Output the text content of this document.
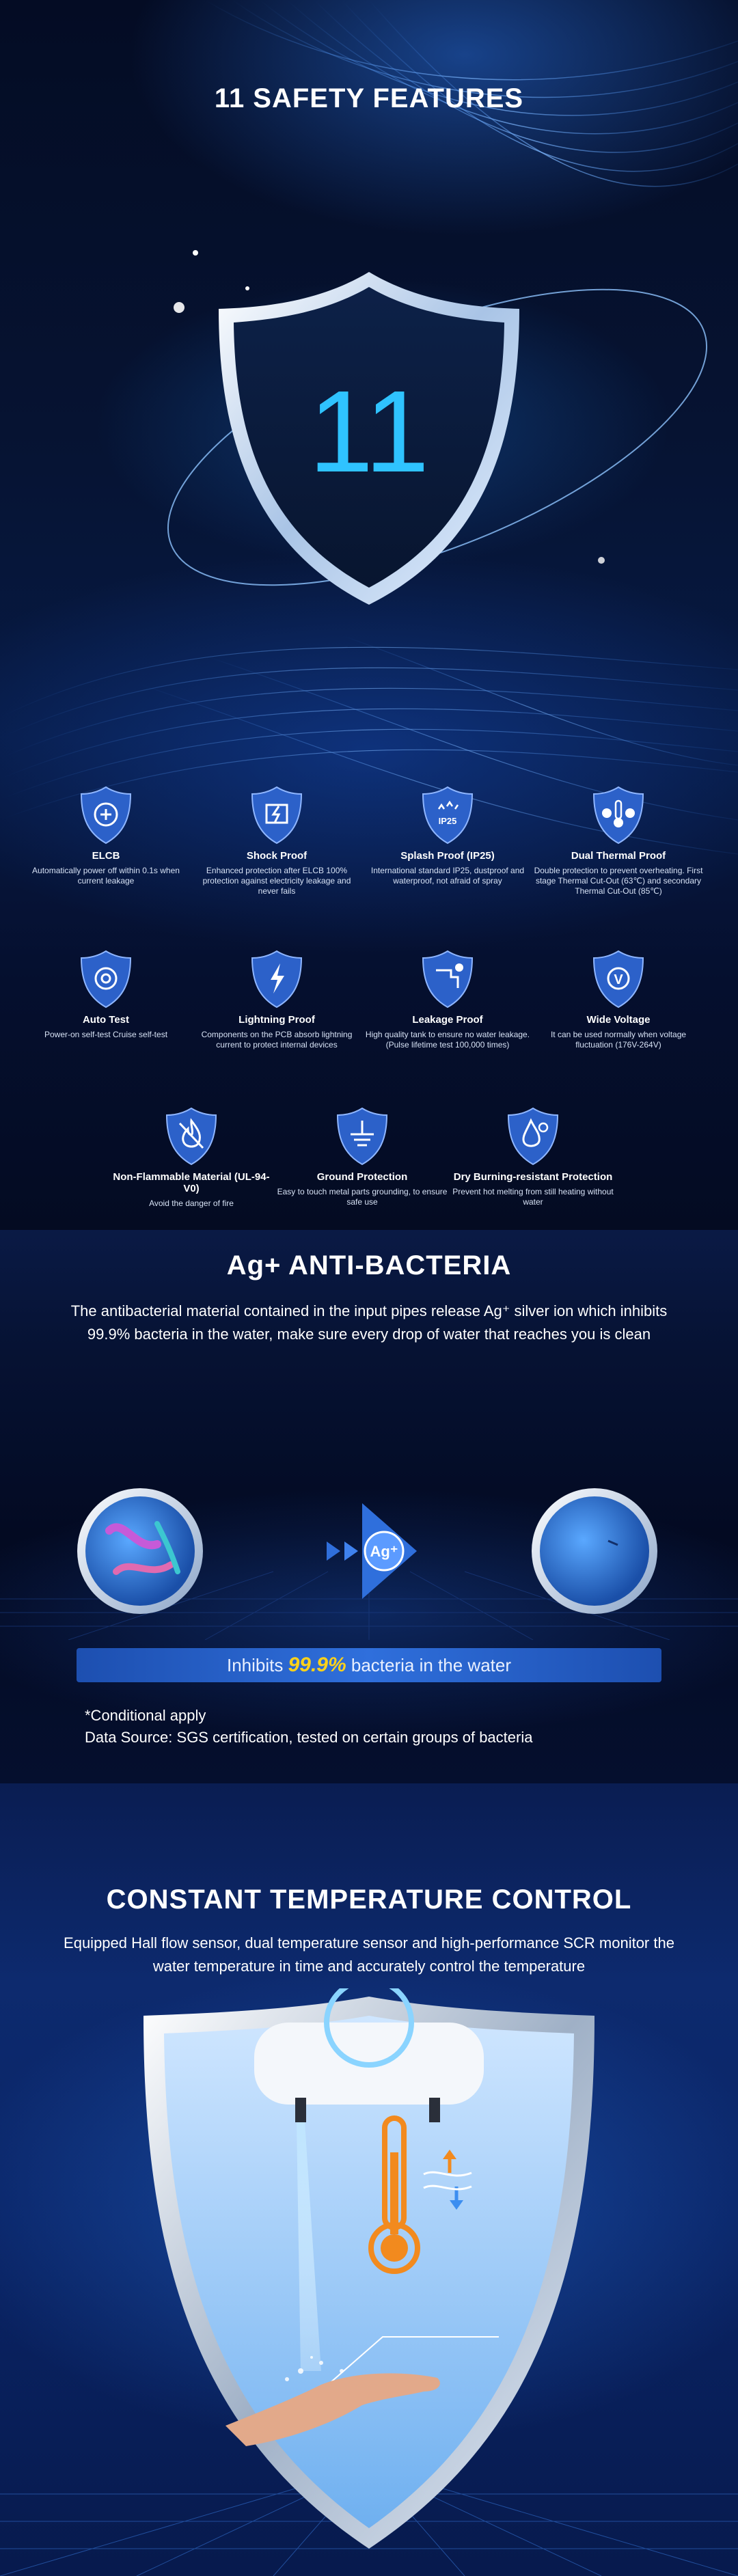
11 SAFETY FEATURES
11

ELCB

Automatically power off within 0.1s when current leakage

Shock Proof

Enhanced protection after ELCB 100% protection against electricity leakage and never fails

IP25

Splash Proof (IP25)

International standard IP25, dustproof and waterproof, not afraid of spray

Dual Thermal Proof

Double protection to prevent overheating. First stage Thermal Cut-Out (63℃) and secondary Thermal Cut-Out (85℃)

Auto Test

Power-on self-test Cruise self-test

Lightning Proof

Components on the PCB absorb lightning current to protect internal devices

Leakage Proof

High quality tank to ensure no water leakage. (Pulse lifetime test 100,000 times)

V

Wide Voltage

It can be used normally when voltage fluctuation (176V-264V)

Non-Flammable Material (UL-94-V0)

Avoid the danger of fire

Ground Protection

Easy to touch metal parts grounding, to ensure safe use

Dry Burning-resistant Protection

Prevent hot melting from still heating without water

Ag+ ANTI-BACTERIA

The antibacterial material contained in the input pipes release Ag⁺ silver ion which inhibits 99.9% bacteria in the water, make sure every drop of water that reaches you is clean

Ag⁺
Inhibits 99.9% bacteria in the water

*Conditional apply
Data Source: SGS certification, tested on certain groups of bacteria

CONSTANT TEMPERATURE CONTROL

Equipped Hall flow sensor, dual temperature sensor and high-performance SCR monitor the water temperature in time and accurately control the temperature
